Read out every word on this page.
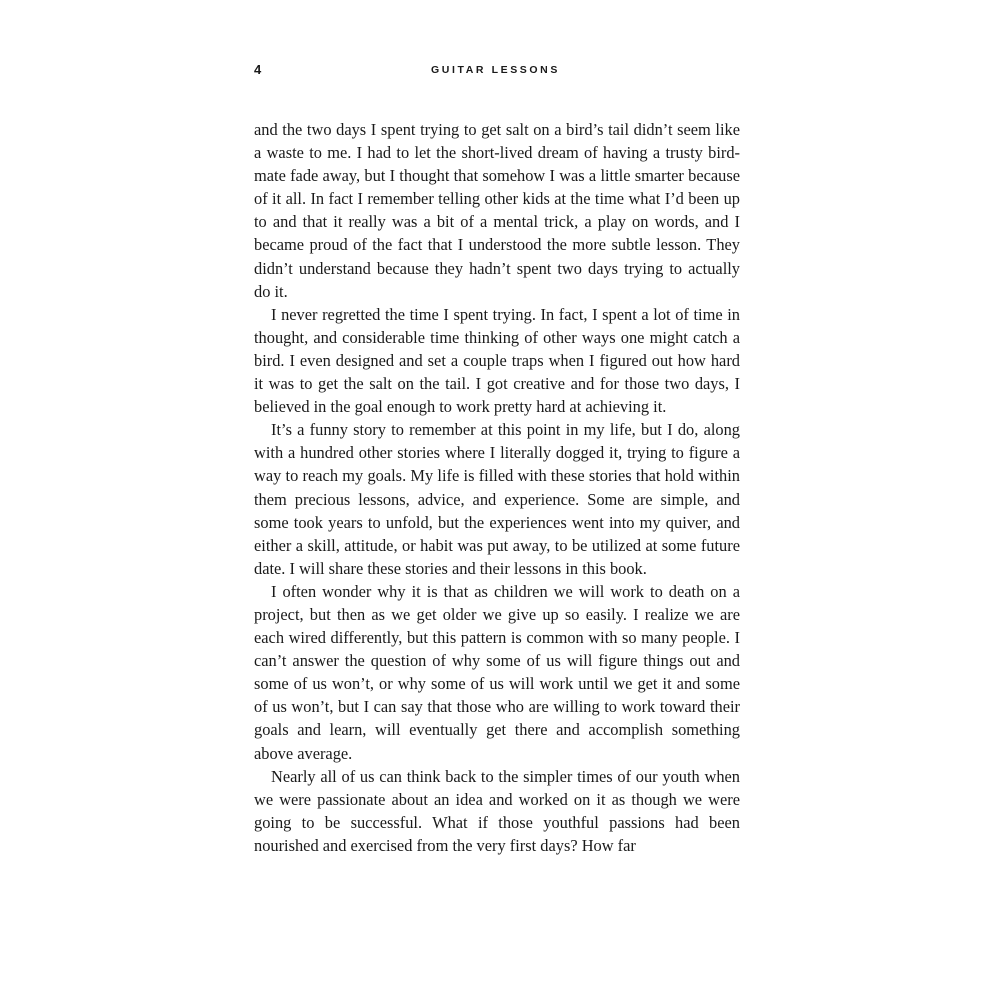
4	GUITAR LESSONS

and the two days I spent trying to get salt on a bird’s tail didn’t seem like a waste to me. I had to let the short-lived dream of having a trusty bird-mate fade away, but I thought that somehow I was a little smarter because of it all. In fact I remember telling other kids at the time what I’d been up to and that it really was a bit of a mental trick, a play on words, and I became proud of the fact that I understood the more subtle lesson. They didn’t understand because they hadn’t spent two days trying to actually do it.

I never regretted the time I spent trying. In fact, I spent a lot of time in thought, and considerable time thinking of other ways one might catch a bird. I even designed and set a couple traps when I figured out how hard it was to get the salt on the tail. I got creative and for those two days, I believed in the goal enough to work pretty hard at achieving it.

It’s a funny story to remember at this point in my life, but I do, along with a hundred other stories where I literally dogged it, trying to figure a way to reach my goals. My life is filled with these stories that hold within them precious lessons, advice, and experience. Some are simple, and some took years to unfold, but the experiences went into my quiver, and either a skill, attitude, or habit was put away, to be utilized at some future date. I will share these stories and their lessons in this book.

I often wonder why it is that as children we will work to death on a project, but then as we get older we give up so easily. I realize we are each wired differently, but this pattern is common with so many people. I can’t answer the question of why some of us will figure things out and some of us won’t, or why some of us will work until we get it and some of us won’t, but I can say that those who are willing to work toward their goals and learn, will eventually get there and accomplish something above average.

Nearly all of us can think back to the simpler times of our youth when we were passionate about an idea and worked on it as though we were going to be successful. What if those youthful passions had been nourished and exercised from the very first days? How far
